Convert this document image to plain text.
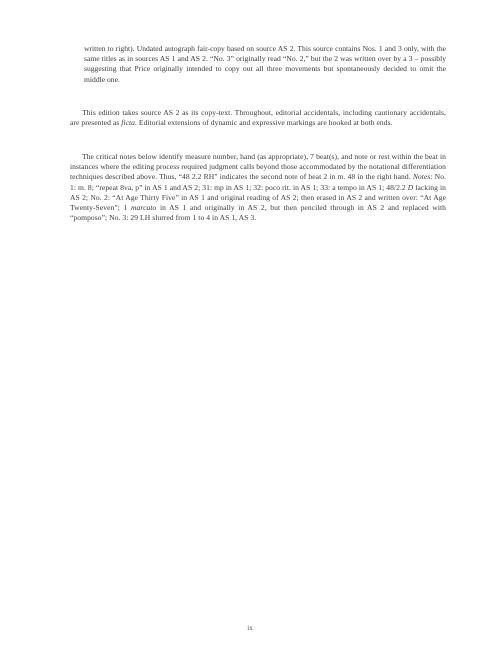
written to right). Undated autograph fair-copy based on source AS 2. This source contains Nos. 1 and 3 only, with the same titles as in sources AS 1 and AS 2. “No. 3” originally read “No. 2,” but the 2 was written over by a 3 – possibly suggesting that Price originally intended to copy out all three movements but spontaneously decided to omit the middle one.
This edition takes source AS 2 as its copy-text. Throughout, editorial accidentals, including cautionary accidentals, are presented as ficta. Editorial extensions of dynamic and expressive markings are hooked at both ends.
The critical notes below identify measure number, hand (as appropriate), 7 beat(s), and note or rest within the beat in instances where the editing process required judgment calls beyond those accommodated by the notational differentiation techniques described above. Thus, “48 2.2 RH” indicates the second note of beat 2 in m. 48 in the right hand. Notes: No. 1: m. 8; “repeat 8va, p” in AS 1 and AS 2; 31: mp in AS 1; 32: poco rit. in AS 1; 33: a tempo in AS 1; 48/2.2 D lacking in AS 2; No. 2: “At Age Thirty Five” in AS 1 and original reading of AS 2; then erased in AS 2 and written over: “At Age Twenty-Seven”; 1 marcato in AS 1 and originally in AS 2, but then penciled through in AS 2 and replaced with “pomposo”; No. 3: 29 LH slurred from 1 to 4 in AS 1, AS 3.
ix
